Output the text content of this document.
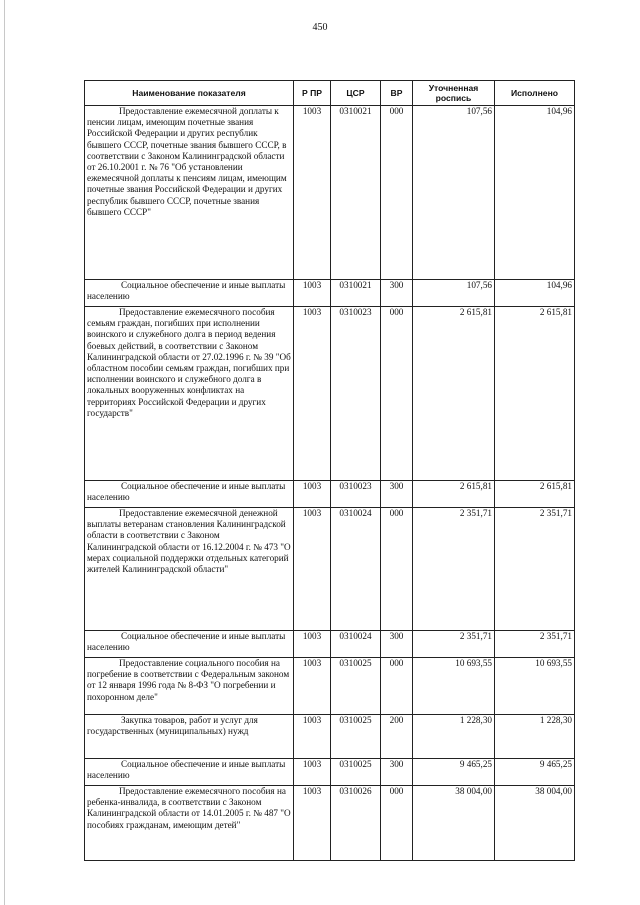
450
Наименование показателя	Р ПР	ЦСР	ВР	Уточненная роспись	Исполнено
Предоставление ежемесячной доплаты к пенсии лицам, имеющим почетные звания Российской Федерации и других республик бывшего СССР, почетные звания бывшего СССР, в соответствии с Законом Калининградской области от 26.10.2001 г. № 76 "Об установлении ежемесячной доплаты к пенсиям лицам, имеющим почетные звания Российской Федерации и других республик бывшего СССР, почетные звания бывшего СССР"	1003	0310021	000	107,56	104,96
Социальное обеспечение и иные выплаты населению	1003	0310021	300	107,56	104,96
Предоставление ежемесячного пособия семьям граждан, погибших при исполнении воинского и служебного долга в период ведения боевых действий, в соответствии с Законом Калининградской области от 27.02.1996 г. № 39 "Об областном пособии семьям граждан, погибших при исполнении воинского и служебного долга в локальных вооруженных конфликтах на территориях Российской Федерации и других государств"	1003	0310023	000	2 615,81	2 615,81
Социальное обеспечение и иные выплаты населению	1003	0310023	300	2 615,81	2 615,81
Предоставление ежемесячной денежной выплаты ветеранам становления Калининградской области в соответствии с Законом Калининградской области от 16.12.2004 г. № 473 "О мерах социальной поддержки отдельных категорий жителей Калининградской области"	1003	0310024	000	2 351,71	2 351,71
Социальное обеспечение и иные выплаты населению	1003	0310024	300	2 351,71	2 351,71
Предоставление социального пособия на погребение в соответствии с Федеральным законом от 12 января 1996 года № 8-ФЗ "О погребении и похоронном деле"	1003	0310025	000	10 693,55	10 693,55
Закупка товаров, работ и услуг для государственных (муниципальных) нужд	1003	0310025	200	1 228,30	1 228,30
Социальное обеспечение и иные выплаты населению	1003	0310025	300	9 465,25	9 465,25
Предоставление ежемесячного пособия на ребенка-инвалида, в соответствии с Законом Калининградской области от 14.01.2005 г. № 487 "О пособиях гражданам, имеющим детей"	1003	0310026	000	38 004,00	38 004,00
